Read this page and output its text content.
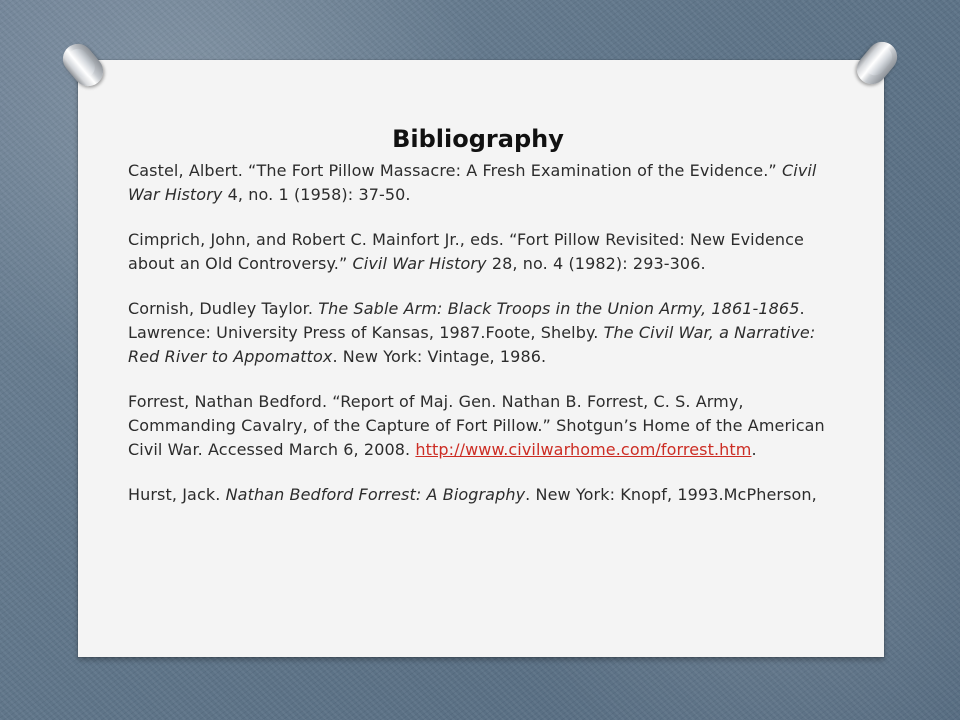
Bibliography

Castel, Albert. “The Fort Pillow Massacre: A Fresh Examination of the Evidence.” Civil War History 4, no. 1 (1958): 37-50.

Cimprich, John, and Robert C. Mainfort Jr., eds. “Fort Pillow Revisited: New Evidence about an Old Controversy.” Civil War History 28, no. 4 (1982): 293-306.

Cornish, Dudley Taylor. The Sable Arm: Black Troops in the Union Army, 1861-1865. Lawrence: University Press of Kansas, 1987.Foote, Shelby. The Civil War, a Narrative: Red River to Appomattox. New York: Vintage, 1986.

Forrest, Nathan Bedford. “Report of Maj. Gen. Nathan B. Forrest, C. S. Army, Commanding Cavalry, of the Capture of Fort Pillow.” Shotgun’s Home of the American Civil War. Accessed March 6, 2008. http://www.civilwarhome.com/forrest.htm.

Hurst, Jack. Nathan Bedford Forrest: A Biography. New York: Knopf, 1993.McPherson,
